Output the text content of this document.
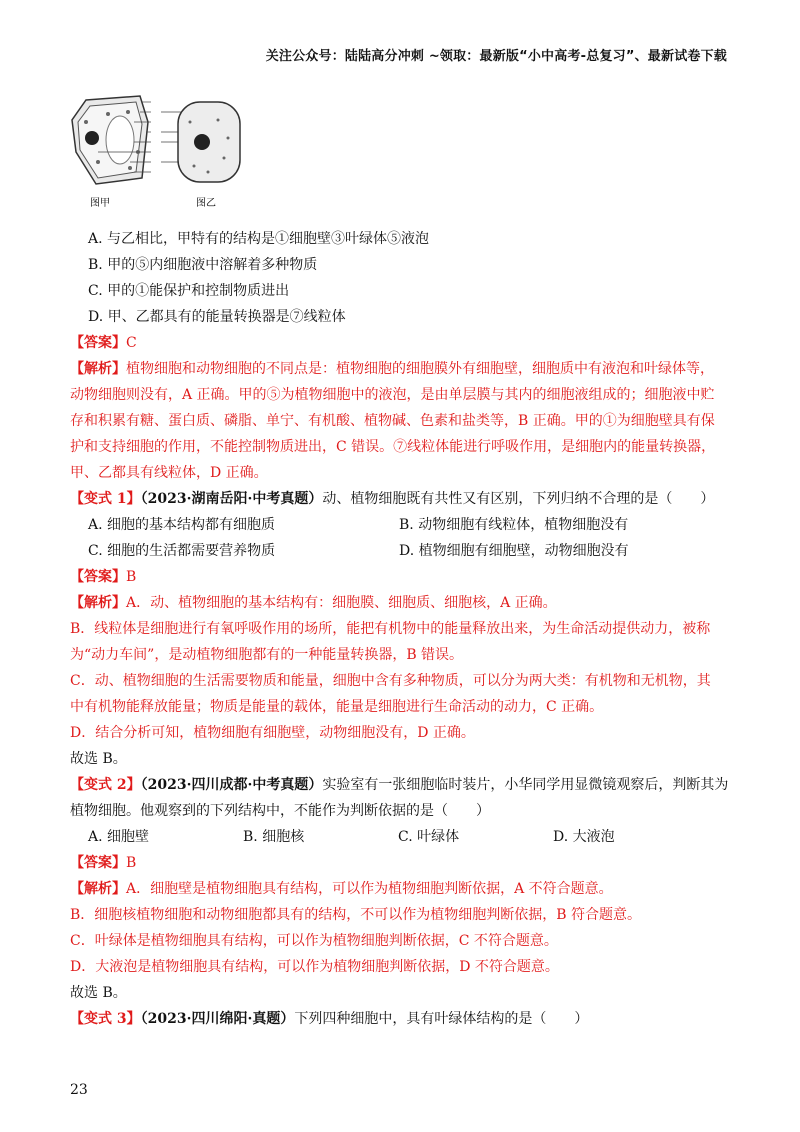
关注公众号：陆陆高分冲刺 ~领取：最新版“小中高考-总复习”、最新试卷下载
图甲	图乙
A. 与乙相比，甲特有的结构是①细胞壁③叶绿体⑤液泡
B. 甲的⑤内细胞液中溶解着多种物质
C. 甲的①能保护和控制物质进出
D. 甲、乙都具有的能量转换器是⑦线粒体
【答案】C
【解析】植物细胞和动物细胞的不同点是：植物细胞的细胞膜外有细胞壁，细胞质中有液泡和叶绿体等，
动物细胞则没有，A 正确。甲的⑤为植物细胞中的液泡，是由单层膜与其内的细胞液组成的；细胞液中贮
存和积累有糖、蛋白质、磷脂、单宁、有机酸、植物碱、色素和盐类等，B 正确。甲的①为细胞壁具有保
护和支持细胞的作用，不能控制物质进出，C 错误。⑦线粒体能进行呼吸作用，是细胞内的能量转换器，
甲、乙都具有线粒体，D 正确。
【变式 1】（2023·湖南岳阳·中考真题）动、植物细胞既有共性又有区别，下列归纳不合理的是（　　）
A. 细胞的基本结构都有细胞质	B. 动物细胞有线粒体，植物细胞没有
C. 细胞的生活都需要营养物质	D. 植物细胞有细胞壁，动物细胞没有
【答案】B
【解析】A．动、植物细胞的基本结构有：细胞膜、细胞质、细胞核，A 正确。
B．线粒体是细胞进行有氧呼吸作用的场所，能把有机物中的能量释放出来，为生命活动提供动力，被称
为“动力车间”，是动植物细胞都有的一种能量转换器，B 错误。
C．动、植物细胞的生活需要物质和能量，细胞中含有多种物质，可以分为两大类：有机物和无机物，其
中有机物能释放能量；物质是能量的载体，能量是细胞进行生命活动的动力，C 正确。
D．结合分析可知，植物细胞有细胞壁，动物细胞没有，D 正确。
故选 B。
【变式 2】（2023·四川成都·中考真题）实验室有一张细胞临时装片，小华同学用显微镜观察后，判断其为
植物细胞。他观察到的下列结构中，不能作为判断依据的是（　　）
A. 细胞壁	B. 细胞核	C. 叶绿体	D. 大液泡
【答案】B
【解析】A．细胞壁是植物细胞具有结构，可以作为植物细胞判断依据，A 不符合题意。
B．细胞核植物细胞和动物细胞都具有的结构，不可以作为植物细胞判断依据，B 符合题意。
C．叶绿体是植物细胞具有结构，可以作为植物细胞判断依据，C 不符合题意。
D．大液泡是植物细胞具有结构，可以作为植物细胞判断依据，D 不符合题意。
故选 B。
【变式 3】（2023·四川绵阳·真题）下列四种细胞中，具有叶绿体结构的是（　　）
23
